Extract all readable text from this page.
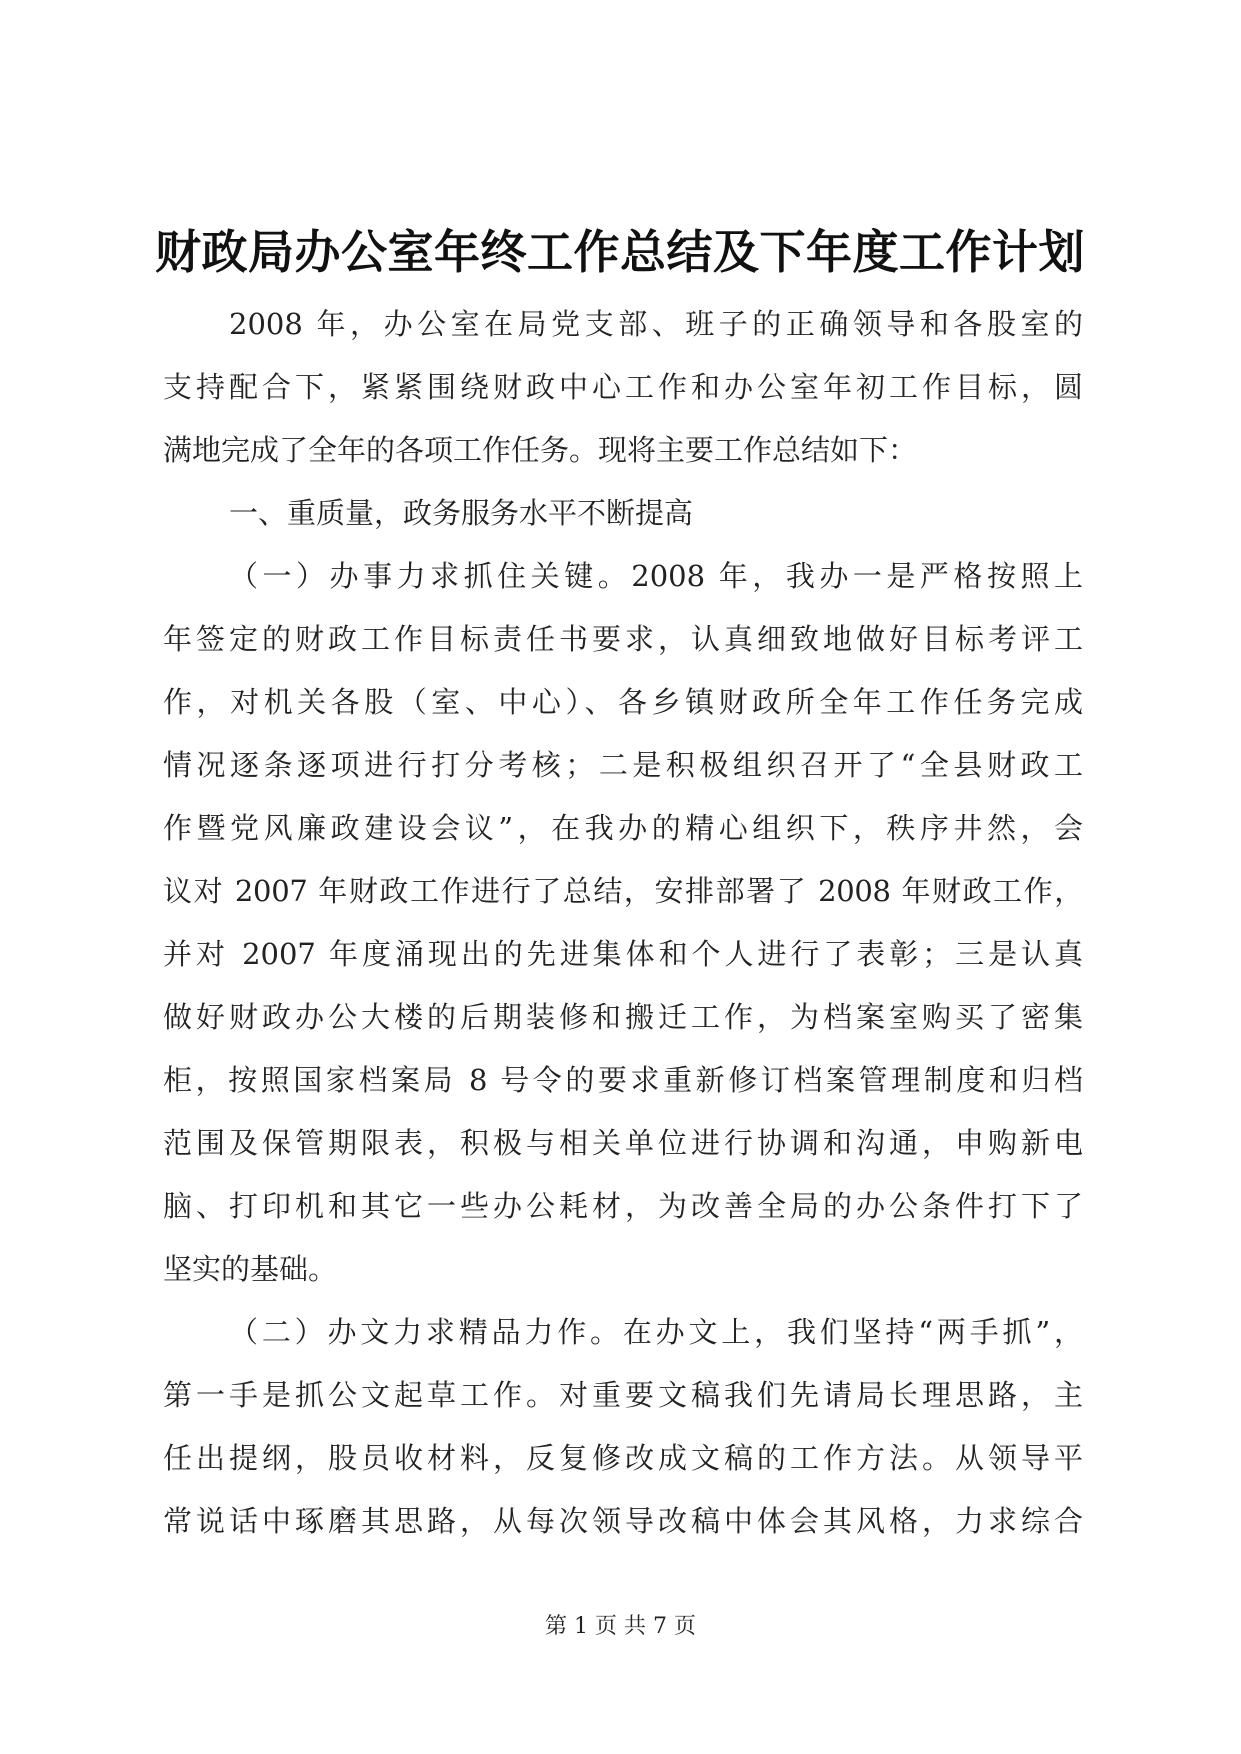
财政局办公室年终工作总结及下年度工作计划
2008 年，办公室在局党支部、班子的正确领导和各股室的
支持配合下，紧紧围绕财政中心工作和办公室年初工作目标，圆
满地完成了全年的各项工作任务。现将主要工作总结如下：
一、重质量，政务服务水平不断提高
（一）办事力求抓住关键。2008 年，我办一是严格按照上
年签定的财政工作目标责任书要求，认真细致地做好目标考评工
作，对机关各股（室、中心）、各乡镇财政所全年工作任务完成
情况逐条逐项进行打分考核；二是积极组织召开了“全县财政工
作暨党风廉政建设会议”，在我办的精心组织下，秩序井然，会
议对 2007 年财政工作进行了总结，安排部署了 2008 年财政工作，
并对 2007 年度涌现出的先进集体和个人进行了表彰；三是认真
做好财政办公大楼的后期装修和搬迁工作，为档案室购买了密集
柜，按照国家档案局 8 号令的要求重新修订档案管理制度和归档
范围及保管期限表，积极与相关单位进行协调和沟通，申购新电
脑、打印机和其它一些办公耗材，为改善全局的办公条件打下了
坚实的基础。
（二）办文力求精品力作。在办文上，我们坚持“两手抓”，
第一手是抓公文起草工作。对重要文稿我们先请局长理思路，主
任出提纲，股员收材料，反复修改成文稿的工作方法。从领导平
常说话中琢磨其思路，从每次领导改稿中体会其风格，力求综合
第 1 页 共 7 页
